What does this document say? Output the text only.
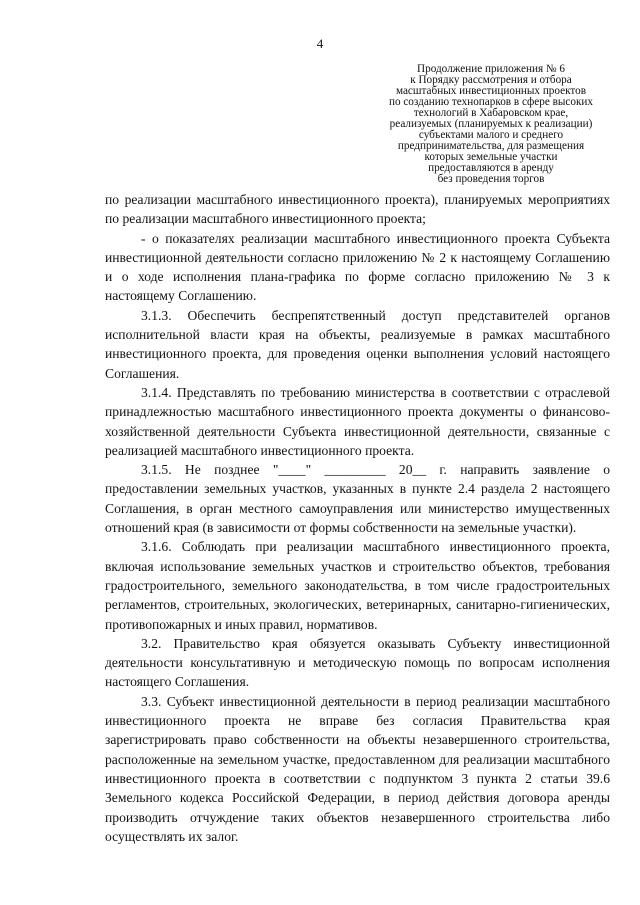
4
Продолжение приложения № 6
к Порядку рассмотрения и отбора
масштабных инвестиционных проектов
по созданию технопарков в сфере высоких
технологий в Хабаровском крае,
реализуемых (планируемых к реализации)
субъектами малого и среднего
предпринимательства, для размещения
которых земельные участки
предоставляются в аренду
без проведения торгов

по реализации масштабного инвестиционного проекта), планируемых мероприятиях по реализации масштабного инвестиционного проекта;

- о показателях реализации масштабного инвестиционного проекта Субъекта инвестиционной деятельности согласно приложению № 2 к настоящему Соглашению и о ходе исполнения плана-графика по форме согласно приложению № 3 к настоящему Соглашению.

3.1.3. Обеспечить беспрепятственный доступ представителей органов исполнительной власти края на объекты, реализуемые в рамках масштабного инвестиционного проекта, для проведения оценки выполнения условий настоящего Соглашения.

3.1.4. Представлять по требованию министерства в соответствии с отраслевой принадлежностью масштабного инвестиционного проекта документы о финансово-хозяйственной деятельности Субъекта инвестиционной деятельности, связанные с реализацией масштабного инвестиционного проекта.

3.1.5. Не позднее "____" _________ 20__ г. направить заявление о предоставлении земельных участков, указанных в пункте 2.4 раздела 2 настоящего Соглашения, в орган местного самоуправления или министерство имущественных отношений края (в зависимости от формы собственности на земельные участки).

3.1.6. Соблюдать при реализации масштабного инвестиционного проекта, включая использование земельных участков и строительство объектов, требования градостроительного, земельного законодательства, в том числе градостроительных регламентов, строительных, экологических, ветеринарных, санитарно-гигиенических, противопожарных и иных правил, нормативов.

3.2. Правительство края обязуется оказывать Субъекту инвестиционной деятельности консультативную и методическую помощь по вопросам исполнения настоящего Соглашения.

3.3. Субъект инвестиционной деятельности в период реализации масштабного инвестиционного проекта не вправе без согласия Правительства края зарегистрировать право собственности на объекты незавершенного строительства, расположенные на земельном участке, предоставленном для реализации масштабного инвестиционного проекта в соответствии с подпунктом 3 пункта 2 статьи 39.6 Земельного кодекса Российской Федерации, в период действия договора аренды производить отчуждение таких объектов незавершенного строительства либо осуществлять их залог.
